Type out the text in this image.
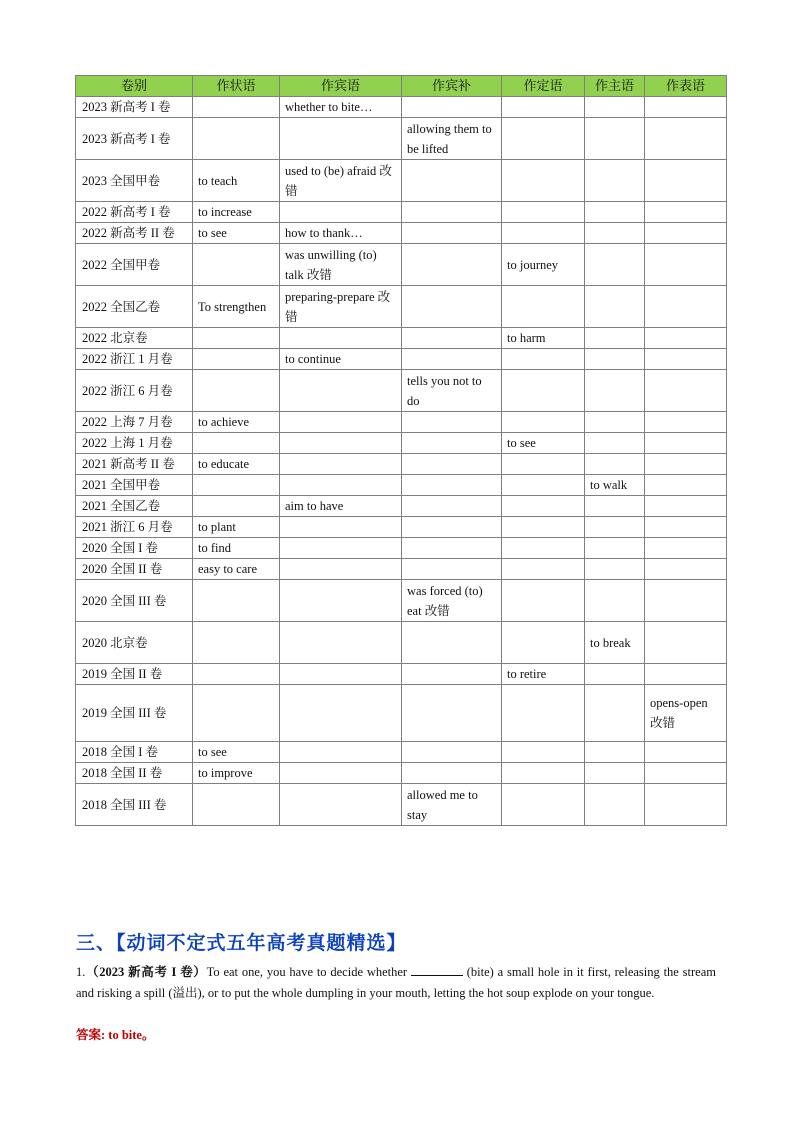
卷别	作状语	作宾语	作宾补	作定语	作主语	作表语
2023 新高考 I 卷		whether to bite…				
2023 新高考 I 卷			allowing them to be lifted			
2023 全国甲卷	to teach	used to (be) afraid 改错				
2022 新高考 I 卷	to increase					
2022 新高考 II 卷	to see	how to thank…				
2022 全国甲卷		was unwilling (to) talk 改错		to journey		
2022 全国乙卷	To strengthen	preparing-prepare 改错				
2022 北京卷				to harm		
2022 浙江 1 月卷		to continue				
2022 浙江 6 月卷			tells you not to do			
2022 上海 7 月卷	to achieve					
2022 上海 1 月卷				to see		
2021 新高考 II 卷	to educate					
2021 全国甲卷					to walk	
2021 全国乙卷		aim to have				
2021 浙江 6 月卷	to plant					
2020 全国 I 卷	to find					
2020 全国 II 卷	easy to care					
2020 全国 III 卷			was forced (to) eat 改错			
2020 北京卷					to break	
2019 全国 II 卷				to retire		
2019 全国 III 卷						opens-open 改错
2018 全国 I 卷	to see					
2018 全国 II 卷	to improve					
2018 全国 III 卷			allowed me to stay			
三、【动词不定式五年高考真题精选】

1.（2023 新高考 I 卷）To eat one, you have to decide whether	(bite) a small hole in it first, releasing the stream and risking a spill (溢出), or to put the whole dumpling in your mouth, letting the hot soup explode on your tongue.

答案: to bite。
